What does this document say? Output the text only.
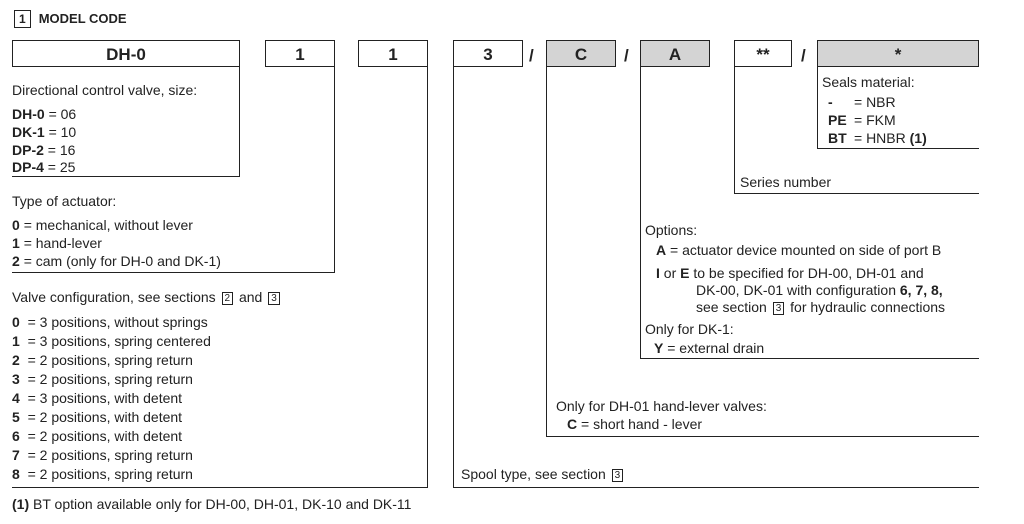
1 MODEL CODE
DH-0	1	1	3	/	C	/	A	**	/	*
Directional control valve, size:
DH-0 = 06
DK-1 = 10
DP-2 = 16
DP-4 = 25
Type of actuator:
0 = mechanical, without lever
1 = hand-lever
2 = cam (only for DH-0 and DK-1)
Valve configuration, see sections 2 and 3
0 = 3 positions, without springs
1 = 3 positions, spring centered
2 = 2 positions, spring return
3 = 2 positions, spring return
4 = 3 positions, with detent
5 = 2 positions, with detent
6 = 2 positions, with detent
7 = 2 positions, spring return
8 = 2 positions, spring return
Seals material:
- = NBR
PE = FKM
BT = HNBR (1)
Series number
Options:
A = actuator device mounted on side of port B
I or E to be specified for DH-00, DH-01 and
DK-00, DK-01 with configuration 6, 7, 8,
see section 3 for hydraulic connections
Only for DK-1:
Y = external drain
Only for DH-01 hand-lever valves:
C = short hand - lever
Spool type, see section 3
(1) BT option available only for DH-00, DH-01, DK-10 and DK-11
